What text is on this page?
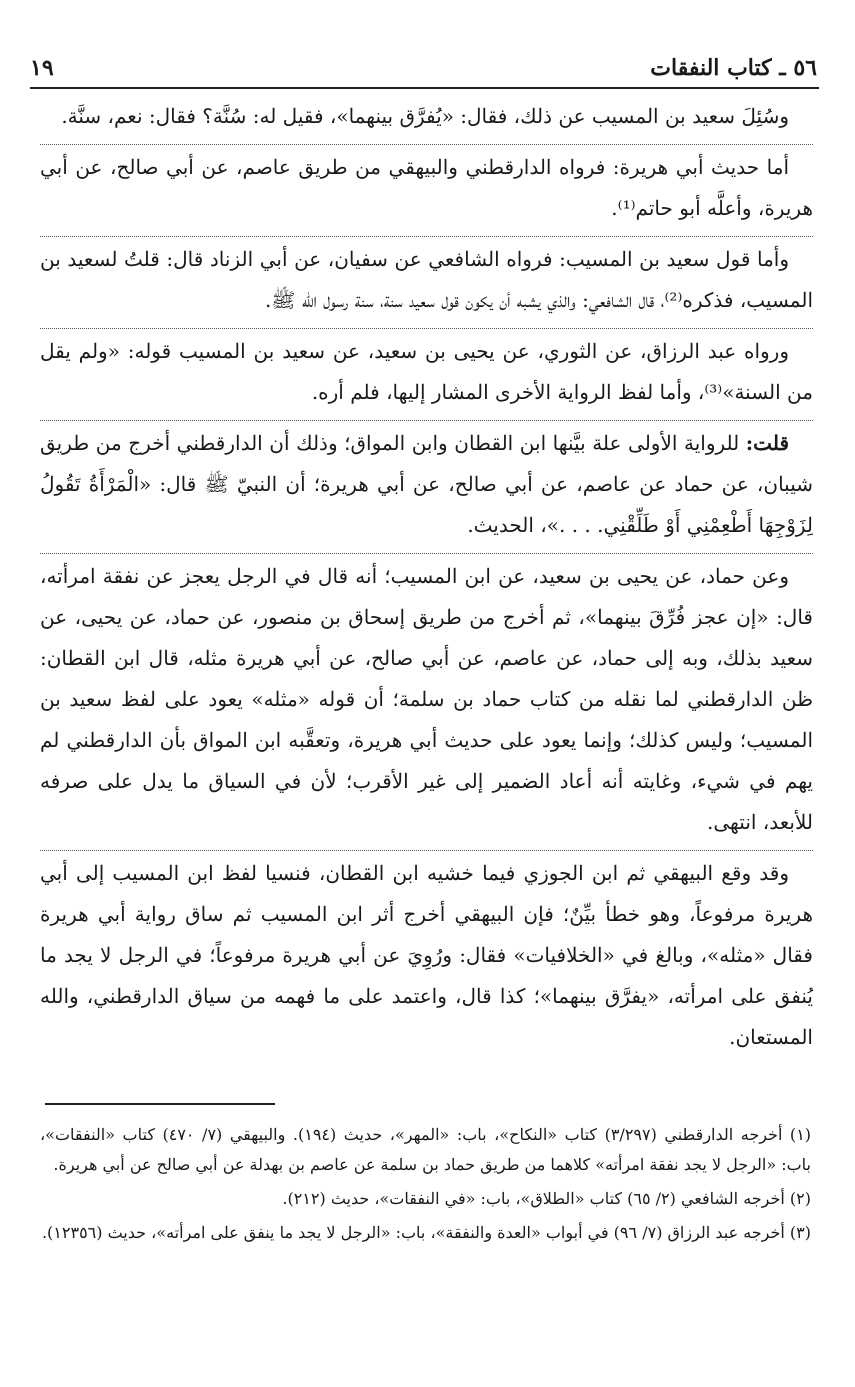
٥٦ ـ كتاب النفقات
١٩

وسُئِلَ سعيد بن المسيب عن ذلك، فقال: «يُفرَّق بينهما»، فقيل له: سُنَّة؟ فقال: نعم، سنَّة.

أما حديث أبي هريرة: فرواه الدارقطني والبيهقي من طريق عاصم، عن أبي صالح، عن أبي هريرة، وأعلَّه أبو حاتم⁽¹⁾.

وأما قول سعيد بن المسيب: فرواه الشافعي عن سفيان، عن أبي الزناد قال: قلتُ لسعيد بن المسيب، فذكره⁽²⁾، قال الشافعي: والذي يشبه أن يكون قول سعيد سنة، سنة رسول الله ﷺ.

ورواه عبد الرزاق، عن الثوري، عن يحيى بن سعيد، عن سعيد بن المسيب قوله: «ولم يقل من السنة»⁽³⁾، وأما لفظ الرواية الأخرى المشار إليها، فلم أره.

قلت: للرواية الأولى علة بيَّنها ابن القطان وابن المواق؛ وذلك أن الدارقطني أخرج من طريق شيبان، عن حماد عن عاصم، عن أبي صالح، عن أبي هريرة؛ أن النبيّ ﷺ قال: «الْمَرْأَةُ تَقُولُ لِزَوْجِهَا أَطْعِمْنِي أَوْ طَلِّقْنِي. . . .»، الحديث.

وعن حماد، عن يحيى بن سعيد، عن ابن المسيب؛ أنه قال في الرجل يعجز عن نفقة امرأته، قال: «إن عجز فُرِّقَ بينهما»، ثم أخرج من طريق إسحاق بن منصور، عن حماد، عن يحيى، عن سعيد بذلك، وبه إلى حماد، عن عاصم، عن أبي صالح، عن أبي هريرة مثله، قال ابن القطان: ظن الدارقطني لما نقله من كتاب حماد بن سلمة؛ أن قوله «مثله» يعود على لفظ سعيد بن المسيب؛ وليس كذلك؛ وإنما يعود على حديث أبي هريرة، وتعقَّبه ابن المواق بأن الدارقطني لم يهم في شيء، وغايته أنه أعاد الضمير إلى غير الأقرب؛ لأن في السياق ما يدل على صرفه للأبعد، انتهى.

وقد وقع البيهقي ثم ابن الجوزي فيما خشيه ابن القطان، فنسيا لفظ ابن المسيب إلى أبي هريرة مرفوعاً، وهو خطأ بيِّنٌ؛ فإن البيهقي أخرج أثر ابن المسيب ثم ساق رواية أبي هريرة فقال «مثله»، وبالغ في «الخلافيات» فقال: ورُوِيَ عن أبي هريرة مرفوعاً؛ في الرجل لا يجد ما يُنفق على امرأته، «يفرَّق بينهما»؛ كذا قال، واعتمد على ما فهمه من سياق الدارقطني، والله المستعان.

(١) أخرجه الدارقطني (٣/٢٩٧) كتاب «النكاح»، باب: «المهر»، حديث (١٩٤). والبيهقي (٧/ ٤٧٠) كتاب «النفقات»، باب: «الرجل لا يجد نفقة امرأته» كلاهما من طريق حماد بن سلمة عن عاصم بن بهدلة عن أبي صالح عن أبي هريرة.

(٢) أخرجه الشافعي (٢/ ٦٥) كتاب «الطلاق»، باب: «في النفقات»، حديث (٢١٢).

(٣) أخرجه عبد الرزاق (٧/ ٩٦) في أبواب «العدة والنفقة»، باب: «الرجل لا يجد ما ينفق على امرأته»، حديث (١٢٣٥٦).
